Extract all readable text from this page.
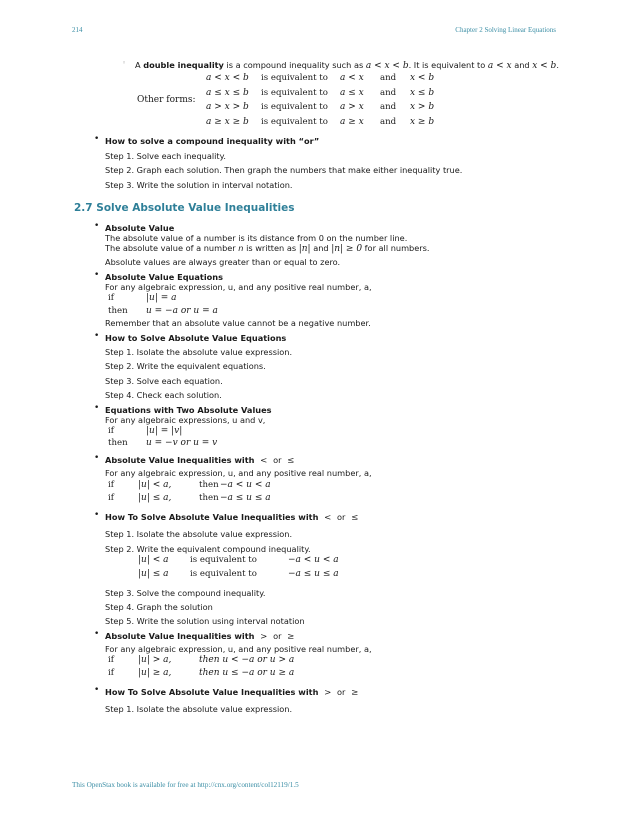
214	Chapter 2 Solving Linear Equations
◦ A double inequality is a compound inequality such as a < x < b. It is equivalent to a < x and x < b.
Other forms:
a < x < b is equivalent to a < x and x < b
a ≤ x ≤ b is equivalent to a ≤ x and x ≤ b
a > x > b is equivalent to a > x and x > b
a ≥ x ≥ b is equivalent to a ≥ x and x ≥ b
• How to solve a compound inequality with “or”
Step 1. Solve each inequality.
Step 2. Graph each solution. Then graph the numbers that make either inequality true.
Step 3. Write the solution in interval notation.
2.7 Solve Absolute Value Inequalities
• Absolute Value
The absolute value of a number is its distance from 0 on the number line.
The absolute value of a number n is written as |n| and |n| ≥ 0 for all numbers.
Absolute values are always greater than or equal to zero.
• Absolute Value Equations
For any algebraic expression, u, and any positive real number, a,
if	|u| = a
then u = −a or u = a
Remember that an absolute value cannot be a negative number.
• How to Solve Absolute Value Equations
Step 1. Isolate the absolute value expression.
Step 2. Write the equivalent equations.
Step 3. Solve each equation.
Step 4. Check each solution.
• Equations with Two Absolute Values
For any algebraic expressions, u and v,
if	|u| = |v|
then u = −v or u = v
• Absolute Value Inequalities with < or ≤
For any algebraic expression, u, and any positive real number, a,
if	|u| < a,	then −a < u < a
if	|u| ≤ a,	then −a ≤ u ≤ a
• How To Solve Absolute Value Inequalities with < or ≤
Step 1. Isolate the absolute value expression.
Step 2. Write the equivalent compound inequality.
|u| < a	is equivalent to	−a < u < a
|u| ≤ a	is equivalent to	−a ≤ u ≤ a
Step 3. Solve the compound inequality.
Step 4. Graph the solution
Step 5. Write the solution using interval notation
• Absolute Value Inequalities with > or ≥
For any algebraic expression, u, and any positive real number, a,
if	|u| > a,	then u < −a or u > a
if	|u| ≥ a,	then u ≤ −a or u ≥ a
• How To Solve Absolute Value Inequalities with > or ≥
Step 1. Isolate the absolute value expression.
This OpenStax book is available for free at http://cnx.org/content/col12119/1.5
